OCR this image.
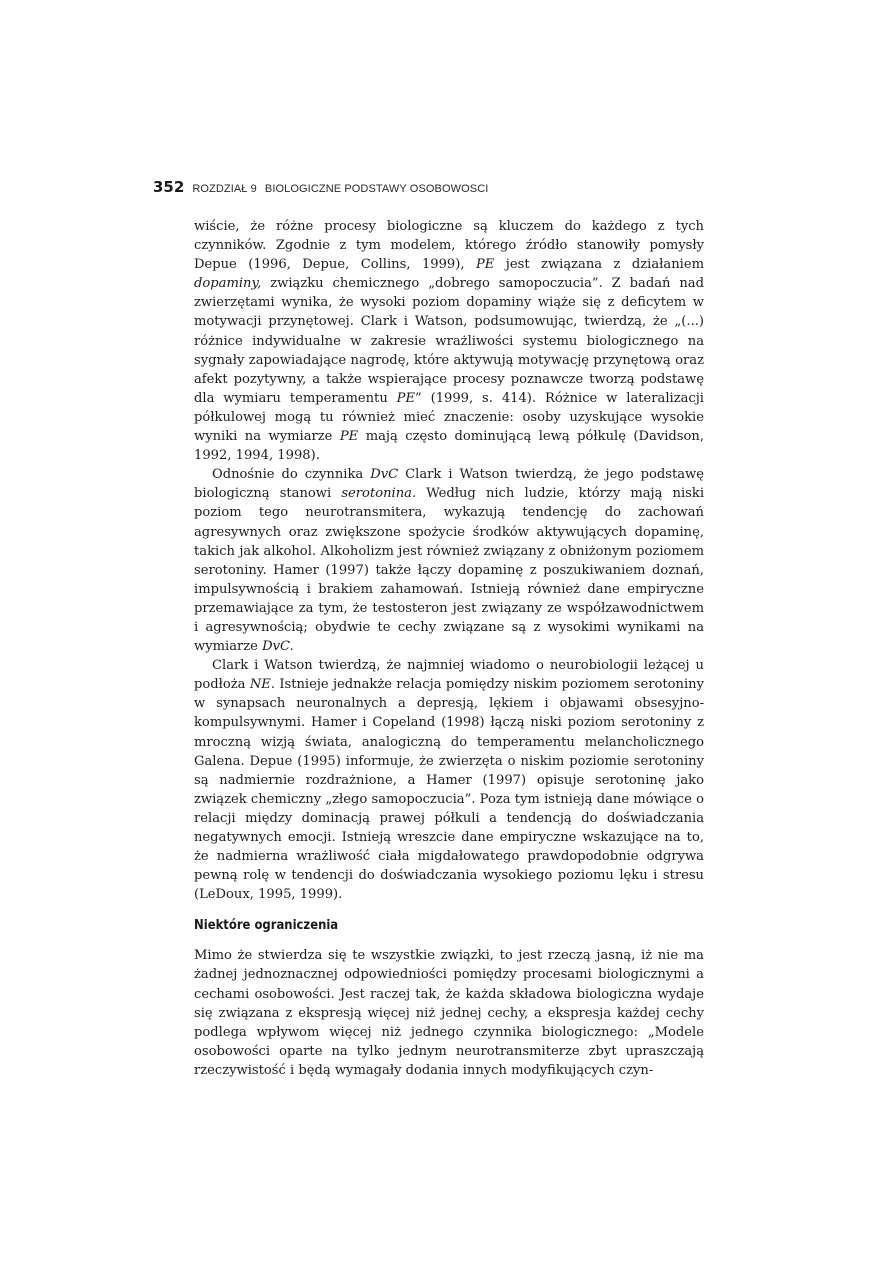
352 ROZDZIAŁ 9 BIOLOGICZNE PODSTAWY OSOBOWOSCI

wiście, że różne procesy biologiczne są kluczem do każdego z tych czynników. Zgodnie z tym modelem, którego źródło stanowiły pomysły Depue (1996, Depue, Collins, 1999), PE jest związana z działaniem dopaminy, związku chemicznego „dobrego samopoczucia”. Z badań nad zwierzętami wynika, że wysoki poziom dopaminy wiąże się z deficytem w motywacji przynętowej. Clark i Watson, podsumowując, twierdzą, że „(...) różnice indywidualne w zakresie wrażliwości systemu biologicznego na sygnały zapowiadające nagrodę, które aktywują motywację przynętową oraz afekt pozytywny, a także wspierające procesy poznawcze tworzą podstawę dla wymiaru temperamentu PE” (1999, s. 414). Różnice w lateralizacji półkulowej mogą tu również mieć znaczenie: osoby uzyskujące wysokie wyniki na wymiarze PE mają często dominującą lewą półkulę (Davidson, 1992, 1994, 1998).

Odnośnie do czynnika DvC Clark i Watson twierdzą, że jego podstawę biologiczną stanowi serotonina. Według nich ludzie, którzy mają niski poziom tego neurotransmitera, wykazują tendencję do zachowań agresywnych oraz zwiększone spożycie środków aktywujących dopaminę, takich jak alkohol. Alkoholizm jest również związany z obniżonym poziomem serotoniny. Hamer (1997) także łączy dopaminę z poszukiwaniem doznań, impulsywnością i brakiem zahamowań. Istnieją również dane empiryczne przemawiające za tym, że testosteron jest związany ze współzawodnictwem i agresywnością; obydwie te cechy związane są z wysokimi wynikami na wymiarze DvC.

Clark i Watson twierdzą, że najmniej wiadomo o neurobiologii leżącej u podłoża NE. Istnieje jednakże relacja pomiędzy niskim poziomem serotoniny w synapsach neuronalnych a depresją, lękiem i objawami obsesyjno-kompulsywnymi. Hamer i Copeland (1998) łączą niski poziom serotoniny z mroczną wizją świata, analogiczną do temperamentu melancholicznego Galena. Depue (1995) informuje, że zwierzęta o niskim poziomie serotoniny są nadmiernie rozdrażnione, a Hamer (1997) opisuje serotoninę jako związek chemiczny „złego samopoczucia”. Poza tym istnieją dane mówiące o relacji między dominacją prawej półkuli a tendencją do doświadczania negatywnych emocji. Istnieją wreszcie dane empiryczne wskazujące na to, że nadmierna wrażliwość ciała migdałowatego prawdopodobnie odgrywa pewną rolę w tendencji do doświadczania wysokiego poziomu lęku i stresu (LeDoux, 1995, 1999).

Niektóre ograniczenia

Mimo że stwierdza się te wszystkie związki, to jest rzeczą jasną, iż nie ma żadnej jednoznacznej odpowiedniości pomiędzy procesami biologicznymi a cechami osobowości. Jest raczej tak, że każda składowa biologiczna wydaje się związana z ekspresją więcej niż jednej cechy, a ekspresja każdej cechy podlega wpływom więcej niż jednego czynnika biologicznego: „Modele osobowości oparte na tylko jednym neurotransmiterze zbyt upraszczają rzeczywistość i będą wymagały dodania innych modyfikujących czyn-
